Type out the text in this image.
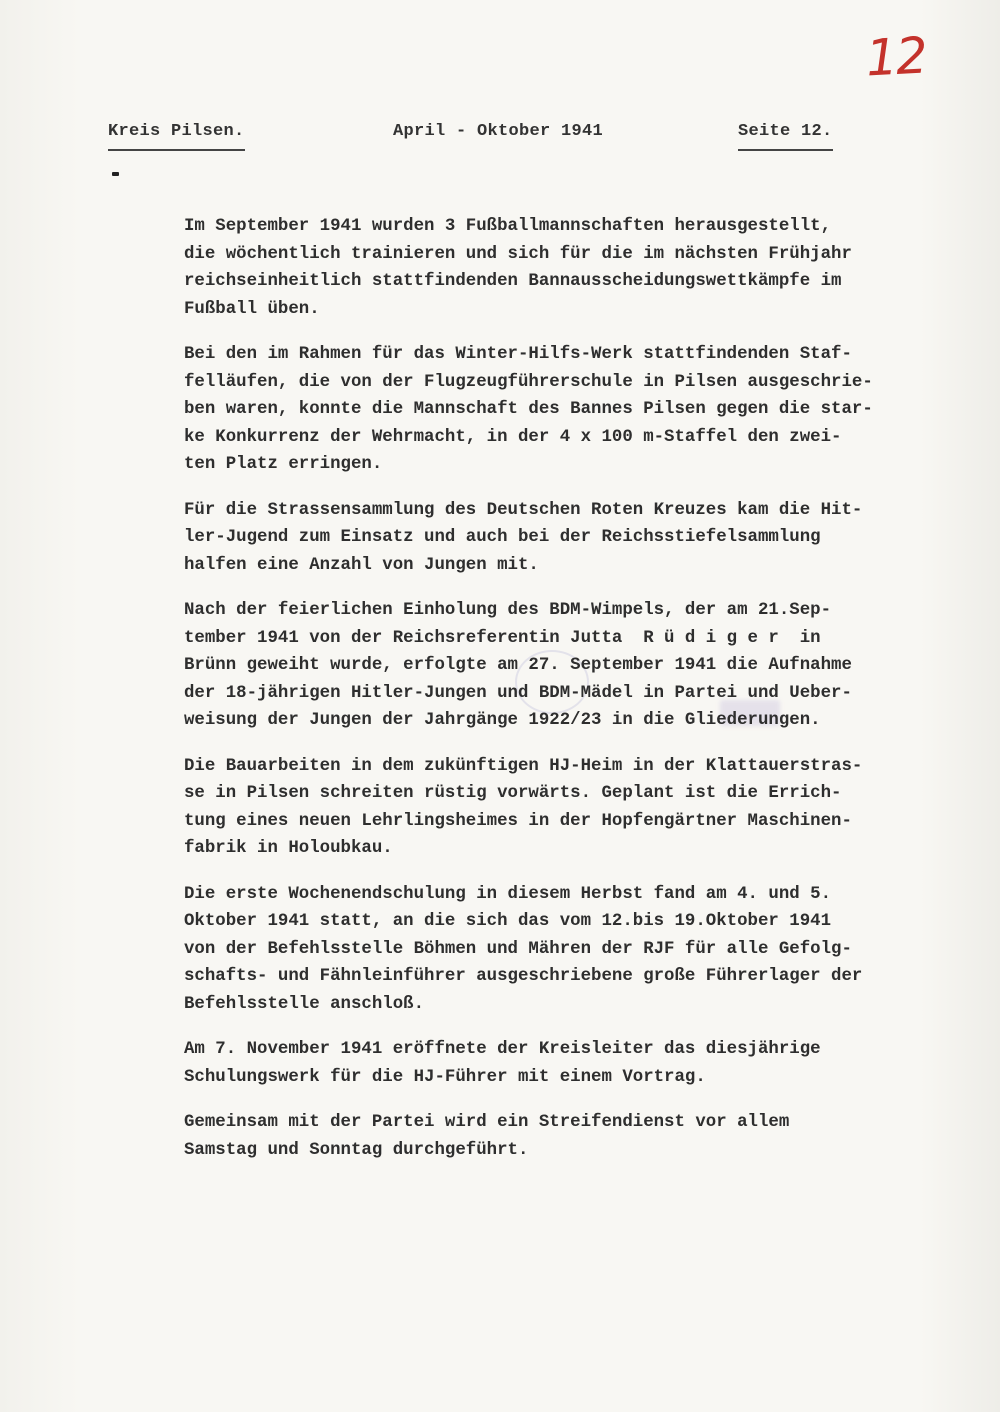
12
Kreis Pilsen.	April - Oktober 1941	Seite 12.
Im September 1941 wurden 3 Fußballmannschaften herausgestellt,
die wöchentlich trainieren und sich für die im nächsten Frühjahr
reichseinheitlich stattfindenden Bannausscheidungswettkämpfe im
Fußball üben.
Bei den im Rahmen für das Winter-Hilfs-Werk stattfindenden Staf-
felläufen, die von der Flugzeugführerschule in Pilsen ausgeschrie-
ben waren, konnte die Mannschaft des Bannes Pilsen gegen die star-
ke Konkurrenz der Wehrmacht, in der 4 x 100 m-Staffel den zwei-
ten Platz erringen.
Für die Strassensammlung des Deutschen Roten Kreuzes kam die Hit-
ler-Jugend zum Einsatz und auch bei der Reichsstiefelsammlung
halfen eine Anzahl von Jungen mit.
Nach der feierlichen Einholung des BDM-Wimpels, der am 21.Sep-
tember 1941 von der Reichsreferentin Jutta  R ü d i g e r  in
Brünn geweiht wurde, erfolgte am 27. September 1941 die Aufnahme
der 18-jährigen Hitler-Jungen und BDM-Mädel in Partei und Ueber-
weisung der Jungen der Jahrgänge 1922/23 in die Gliederungen.
Die Bauarbeiten in dem zukünftigen HJ-Heim in der Klattauerstras-
se in Pilsen schreiten rüstig vorwärts. Geplant ist die Errich-
tung eines neuen Lehrlingsheimes in der Hopfengärtner Maschinen-
fabrik in Holoubkau.
Die erste Wochenendschulung in diesem Herbst fand am 4. und 5.
Oktober 1941 statt, an die sich das vom 12.bis 19.Oktober 1941
von der Befehlsstelle Böhmen und Mähren der RJF für alle Gefolg-
schafts- und Fähnleinführer ausgeschriebene große Führerlager der
Befehlsstelle anschloß.
Am 7. November 1941 eröffnete der Kreisleiter das diesjährige
Schulungswerk für die HJ-Führer mit einem Vortrag.
Gemeinsam mit der Partei wird ein Streifendienst vor allem
Samstag und Sonntag durchgeführt.
